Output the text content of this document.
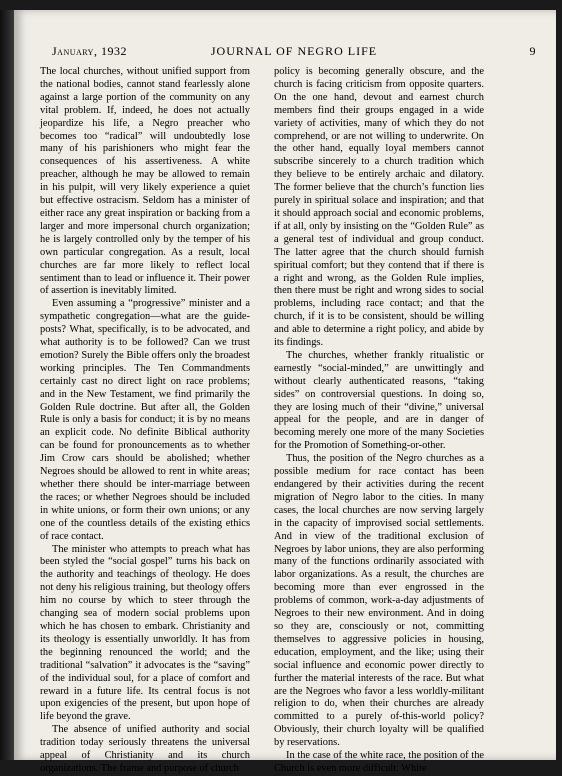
January, 1932	JOURNAL OF NEGRO LIFE	9

The local churches, without unified support from the national bodies, cannot stand fearlessly alone against a large portion of the community on any vital problem. If, indeed, he does not actually jeopardize his life, a Negro preacher who becomes too “radical” will undoubtedly lose many of his parishioners who might fear the consequences of his assertiveness. A white preacher, although he may be allowed to remain in his pulpit, will very likely experience a quiet but effective ostracism. Seldom has a minister of either race any great inspiration or backing from a larger and more impersonal church organization; he is largely controlled only by the temper of his own particular congregation. As a result, local churches are far more likely to reflect local sentiment than to lead or influence it. Their power of assertion is inevitably limited.

Even assuming a “progressive” minister and a sympathetic congregation—what are the guide-posts? What, specifically, is to be advocated, and what authority is to be followed? Can we trust emotion? Surely the Bible offers only the broadest working principles. The Ten Commandments certainly cast no direct light on race problems; and in the New Testament, we find primarily the Golden Rule doctrine. But after all, the Golden Rule is only a basis for conduct; it is by no means an explicit code. No definite Biblical authority can be found for pronouncements as to whether Jim Crow cars should be abolished; whether Negroes should be allowed to rent in white areas; whether there should be inter-marriage between the races; or whether Negroes should be included in white unions, or form their own unions; or any one of the countless details of the existing ethics of race contact.

The minister who attempts to preach what has been styled the “social gospel” turns his back on the authority and teachings of theology. He does not deny his religious training, but theology offers him no course by which to steer through the changing sea of modern social problems upon which he has chosen to embark. Christianity and its theology is essentially unworldly. It has from the beginning renounced the world; and the traditional “salvation” it advocates is the “saving” of the individual soul, for a place of comfort and reward in a future life. Its central focus is not upon exigencies of the present, but upon hope of life beyond the grave.

The absence of unified authority and social tradition today seriously threatens the universal appeal of Christianity and its church organizations. The frame and purpose of church

policy is becoming generally obscure, and the church is facing criticism from opposite quarters. On the one hand, devout and earnest church members find their groups engaged in a wide variety of activities, many of which they do not comprehend, or are not willing to underwrite. On the other hand, equally loyal members cannot subscribe sincerely to a church tradition which they believe to be entirely archaic and dilatory. The former believe that the church’s function lies purely in spiritual solace and inspiration; and that it should approach social and economic problems, if at all, only by insisting on the “Golden Rule” as a general test of individual and group conduct. The latter agree that the church should furnish spiritual comfort; but they contend that if there is a right and wrong, as the Golden Rule implies, then there must be right and wrong sides to social problems, including race contact; and that the church, if it is to be consistent, should be willing and able to determine a right policy, and abide by its findings.

The churches, whether frankly ritualistic or earnestly “social-minded,” are unwittingly and without clearly authenticated reasons, “taking sides” on controversial questions. In doing so, they are losing much of their “divine,” universal appeal for the people, and are in danger of becoming merely one more of the many Societies for the Promotion of Something-or-other.

Thus, the position of the Negro churches as a possible medium for race contact has been endangered by their activities during the recent migration of Negro labor to the cities. In many cases, the local churches are now serving largely in the capacity of improvised social settlements. And in view of the traditional exclusion of Negroes by labor unions, they are also performing many of the functions ordinarily associated with labor organizations. As a result, the churches are becoming more than ever engrossed in the problems of common, work-a-day adjustments of Negroes to their new environment. And in doing so they are, consciously or not, committing themselves to aggressive policies in housing, education, employment, and the like; using their social influence and economic power directly to further the material interests of the race. But what are the Negroes who favor a less worldly-militant religion to do, when their churches are already committed to a purely of-this-world policy? Obviously, their church loyalty will be qualified by reservations.

In the case of the white race, the position of the Church is even more difficult. White
